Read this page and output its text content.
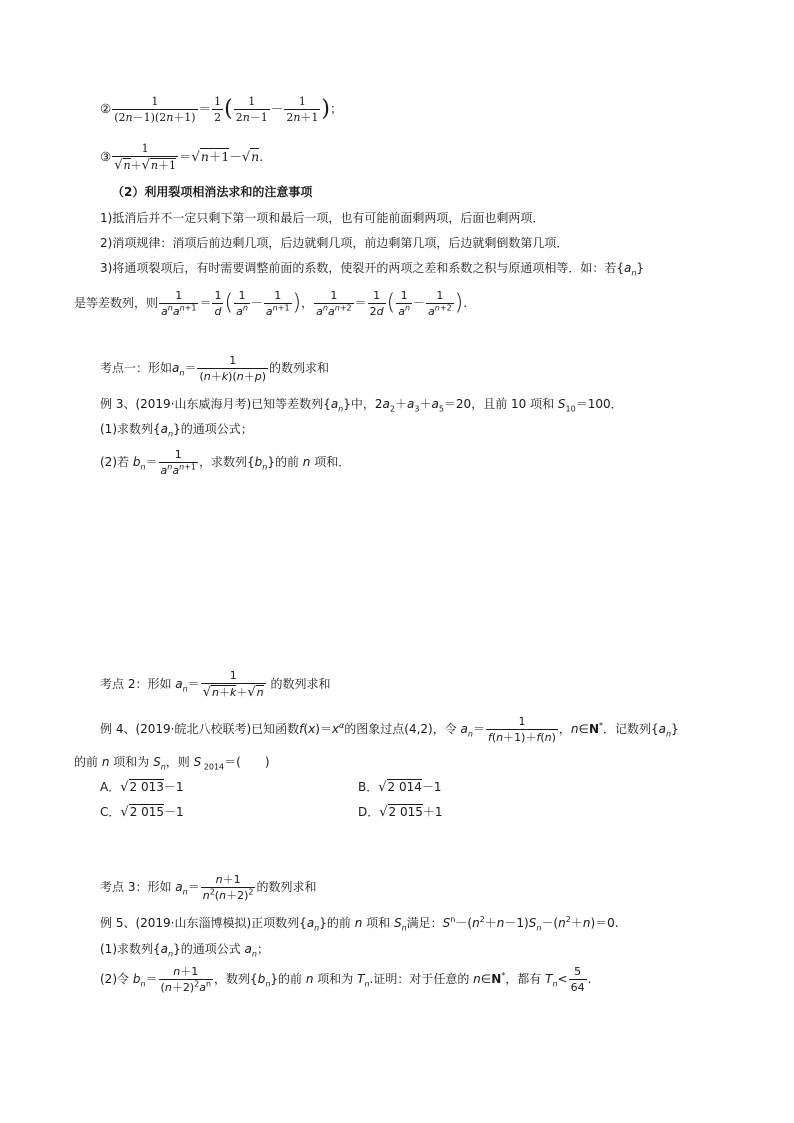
② $\frac{1}{(2n-1)(2n+1)} = \frac{1}{2}$ ( $\frac{1}{2n-1} - \frac{1}{2n+1}$ )；
③ $\frac{1}{√n+√n+1} =√n+1-√n$.
（2）利用裂项相消法求和的注意事项
1)抵消后并不一定只剩下第一项和最后一项，也有可能前面剩两项，后面也剩两项．
2)消项规律：消项后前边剩几项，后边就剩几项，前边剩第几项，后边就剩倒数第几项．
3)将通项裂项后，有时需要调整前面的系数，使裂开的两项之差和系数之积与原通项相等．如：若$\{a_n\}$
是等差数列，则 $\frac{1}{a^na^{n+1}} = \frac{1}{d}$ ( $\frac{1}{a^n} - \frac{1}{a^{n+1}}$ )， $\frac{1}{a^na^{n+2}} = \frac{1}{2d}$ ( $\frac{1}{a^n} - \frac{1}{a^{n+2}}$ ).
考点一：形如$a_n= \frac{1}{(n+k)(n+p)}$ 的数列求和
例 3、(2019·山东威海月考)已知等差数列$\{a_n\}$中，$2a_2+a_3+a_5=20$，且前 10 项和 $S_{10}=100$．
(1)求数列$\{a_n\}$的通项公式；
(2)若 $b_n= \frac{1}{a^na^{n+1}}$ ，求数列$\{b_n\}$的前 n 项和．
考点 2：形如 $a_n= \frac{1}{√n+k+√n}$ 的数列求和
例 4、(2019·皖北八校联考)已知函数$f(x)=x^\alpha$的图象过点(4,2)，令 $a_n= \frac{1}{f(n+1)+f(n)}$ ，n∈N*．记数列$\{a_n\}$
的前 n 项和为 $S_n$，则 S $_{2014}$＝(　　)
A．√2 013－1	B．√2 014－1
C．√2 015－1	D．√2 015＋1
考点 3：形如 $a_n= \frac{n+1}{n^2(n+2)^2}$ 的数列求和
例 5、(2019·山东淄博模拟)正项数列$\{a_n\}$的前 n 项和 $S_n$满足：$S^n-(n^2+n-1)S_n-(n^2+n)=0$.
(1)求数列$\{a_n\}$的通项公式 $a_n$；
(2)令 $b_n= \frac{n+1}{(n+2)^2a^n}$ ，数列$\{b_n\}$的前 n 项和为 $T_n$.证明：对于任意的 n∈N*，都有 $T_n< \frac{5}{64}$ .
